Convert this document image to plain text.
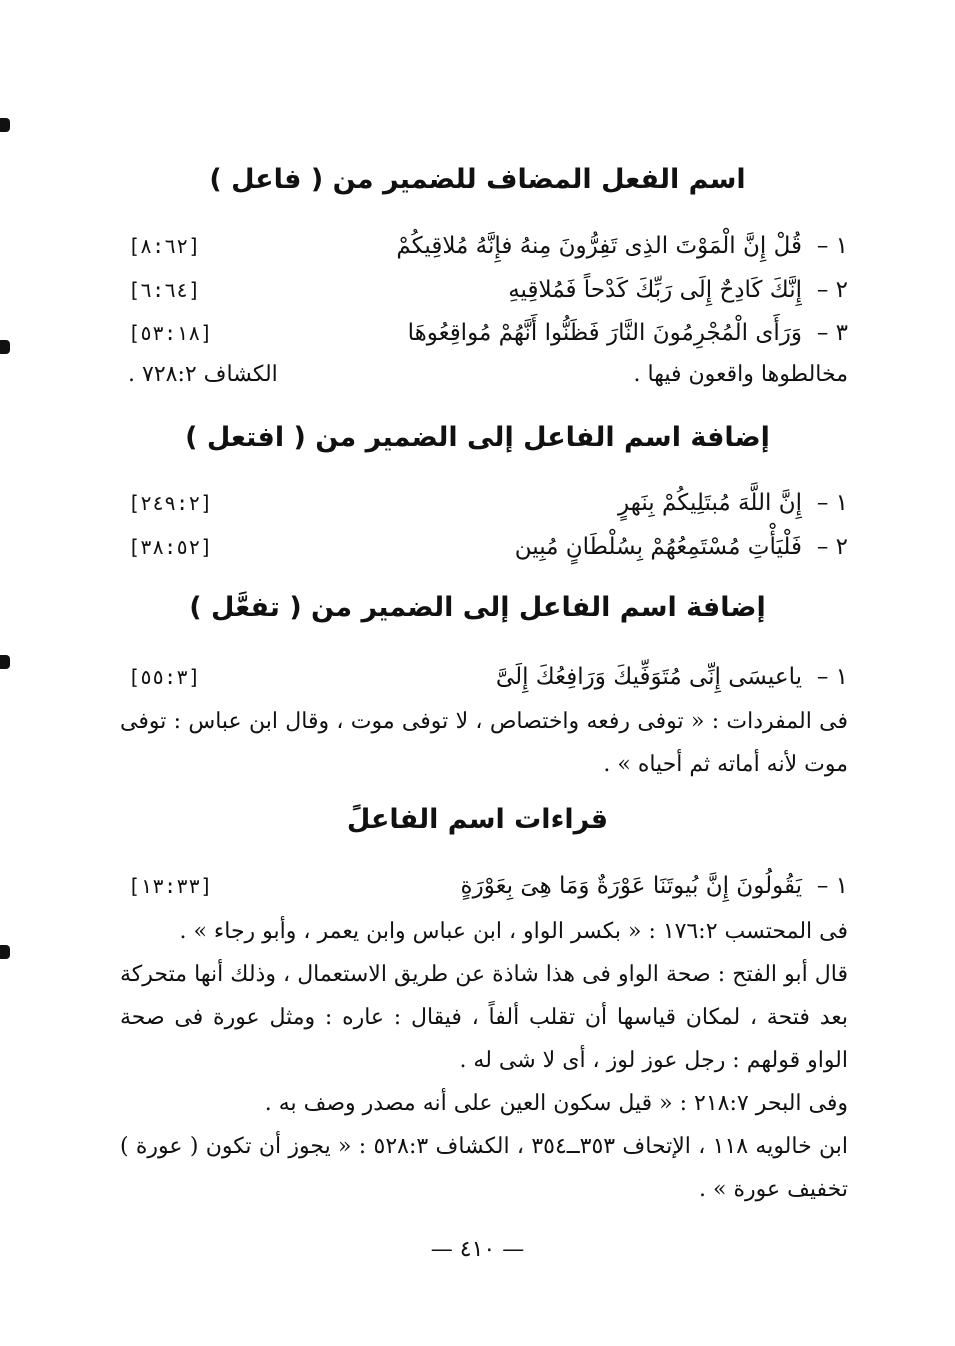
اسم الفعل المضاف للضمير من ( فاعل )
١ –
قُلْ إِنَّ الْمَوْتَ الذِى تَفِرُّونَ مِنهُ فإِنَّهُ مُلاقِيكُمْ
[٨:٦٢]
٢ –
إِنَّكَ كَادِحٌ إِلَى رَبِّكَ كَدْحاً فَمُلاقِيهِ
[٦:٦٤]
٣ –
وَرَأَى الْمُجْرِمُونَ النَّارَ فَظَنُّوا أَنَّهُمْ مُواقِعُوهَا
[٥٣:١٨]
مخالطوها واقعون فيها .
الكشاف ٧٢٨:٢ .
إضافة اسم الفاعل إلى الضمير من ( افتعل )
١ –
إِنَّ اللَّهَ مُبتَلِيكُمْ بِنَهرٍ
[٢٤٩:٢]
٢ –
فَلْيَأْتِ مُسْتَمِعُهُمْ بِسُلْطَانٍ مُبِين
[٣٨:٥٢]
إضافة اسم الفاعل إلى الضمير من ( تفعَّل )
١ –
ياعيسَى إِنِّى مُتَوَفِّيكَ وَرَافِعُكَ إِلَىَّ
[٥٥:٣]

فى المفردات : « توفى رفعه واختصاص ، لا توفى موت ، وقال ابن عباس : توفى موت لأنه أماته ثم أحياه » .

قراءات اسم الفاعلً
١ –
يَقُولُونَ إِنَّ بُيوتَنَا عَوْرَةٌ وَمَا هِىَ بِعَوْرَةٍ
[١٣:٣٣]

فى المحتسب ١٧٦:٢ : « بكسر الواو ، ابن عباس وابن يعمر ، وأبو رجاء » .

قال أبو الفتح : صحة الواو فى هذا شاذة عن طريق الاستعمال ، وذلك أنها متحركة بعد فتحة ، لمكان قياسها أن تقلب ألفاً ، فيقال : عاره : ومثل عورة فى صحة الواو قولهم : رجل عوز لوز ، أى لا شى له .

وفى البحر ٢١٨:٧ : « قيل سكون العين على أنه مصدر وصف به .

ابن خالويه ١١٨ ، الإتحاف ٣٥٣ــ٣٥٤ ، الكشاف ٥٢٨:٣ : « يجوز أن تكون ( عورة ) تخفيف عورة » .

— ٤١٠ —
